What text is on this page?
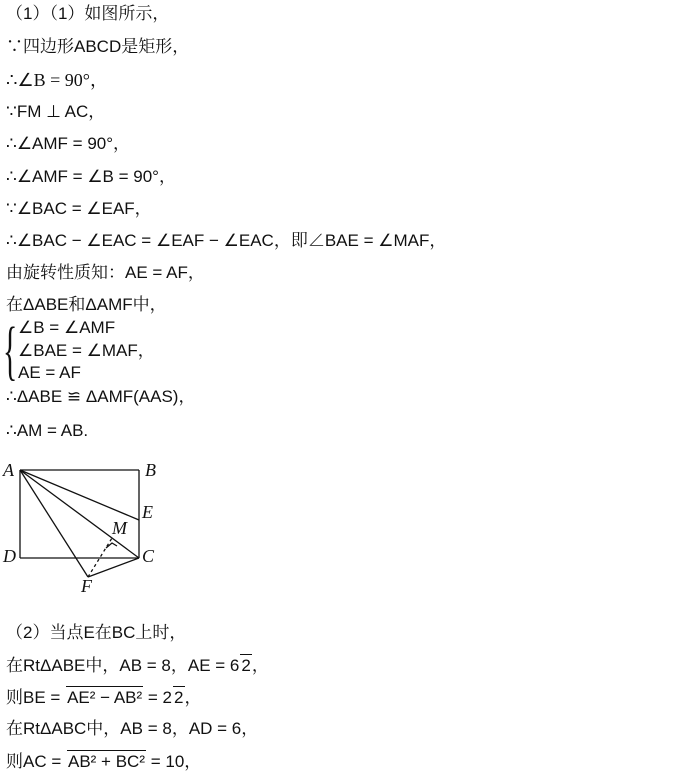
（1）（1）如图所示，
∵四边形ABCD是矩形，
∴∠B = 90°，
∵FM ⊥ AC，
∴∠AMF = 90°，
∴∠AMF = ∠B = 90°，
∵∠BAC = ∠EAF，
∴∠BAC − ∠EAC = ∠EAF − ∠EAC，即∠BAE = ∠MAF，
由旋转性质知：AE = AF，
在ΔABE和ΔAMF中，
{ ∠B = ∠AMF
∠BAE = ∠MAF，
AE = AF
∴ΔABE ≌ ΔAMF(AAS)，
∴AM = AB.
A	B
E
M
C
D
F
（2）当点E在BC上时，
在RtΔABE中，AB = 8，AE = 6 2，
则BE = AE² − AB² = 2 2，
在RtΔABC中，AB = 8，AD = 6，
则AC = AB² + BC² = 10，
